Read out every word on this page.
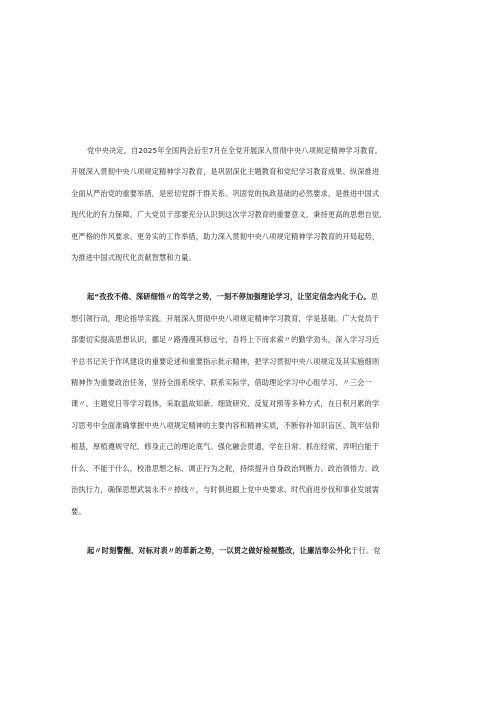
党中央决定，自2025年全国两会后至7月在全党开展深入贯彻中央八项规定精神学习教育。
开展深入贯彻中央八项规定精神学习教育，是巩固深化主题教育和党纪学习教育成果、纵深推进
全面从严治党的重要举措，是密切党群干群关系、巩固党的执政基础的必然要求，是推进中国式
现代化的有力保障。广大党员干部要充分认识到这次学习教育的重要意义，秉持更高的思想自觉、
更严格的作风要求、更务实的工作举措，助力深入贯彻中央八项规定精神学习教育的开局起势，
为推进中国式现代化贡献智慧和力量。
起“孜孜不倦、深研细悟〃的笃学之势，一刻不停加强理论学习，让坚定信念内化于心。思
想引领行动，理论指导实践。开展深入贯彻中央八项规定精神学习教育，学是基础。广大党员干
部要切实提高思想认识，挪足〃路漫漫其修远兮，吾将上下而求索〃的勤学劲头，深入学习习近
平总书记关于作风建设的重要论述和重要指示批示精神，把学习贯彻中央八项规定及其实施细则
精神作为重要政治任务，坚持全面系统学、联系实际学，借助理论学习中心组学习、〃三会一
课〃、主题党日等学习载体，采取温故知新、细致研究、反复对照等多种方式，在日积月累的学
习思考中全面准确掌握中央八项规定精神的主要内容和精神实质，不断弥补知识盲区、筑牢信仰
根基，厚植遵规守纪、修身正己的理论底气。强化融会贯通，学在日常、抓在经常，弄明白能干
什么、不能干什么，校准思想之标、调正行为之舵，持续提升自身政治判断力、政治领悟力、政
治执行力，确保思想武装永不〃掉线〃，与时俱进跟上党中央要求、时代前进步伐和事业发展需
要。
起〃时刻警醒、对标对表〃的革新之势，一以贯之做好检视整改，让廉洁奉公外化于行。党
